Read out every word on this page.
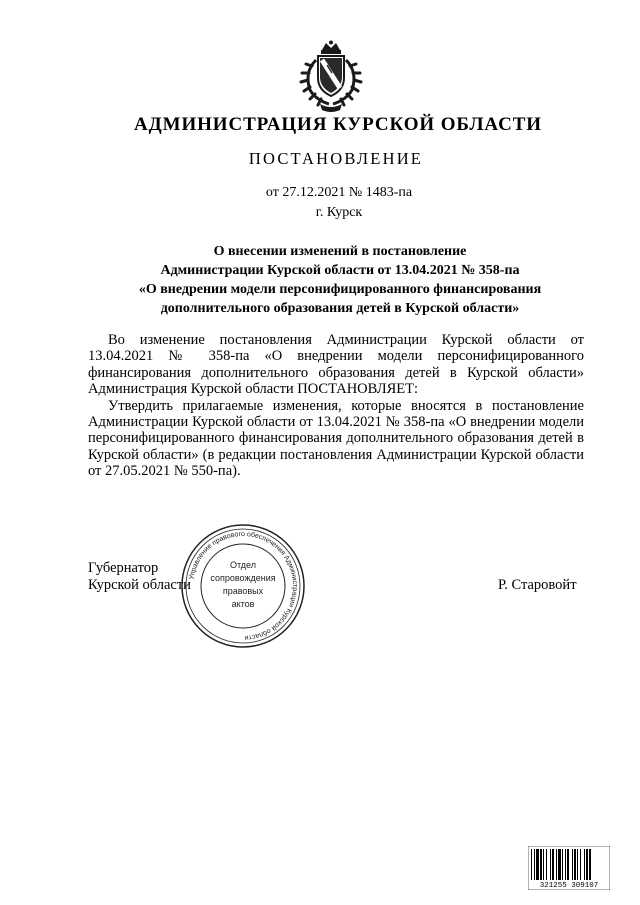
АДМИНИСТРАЦИЯ КУРСКОЙ ОБЛАСТИ
ПОСТАНОВЛЕНИЕ
от 27.12.2021 № 1483-па
г. Курск
О внесении изменений в постановление
Администрации Курской области от 13.04.2021 № 358-па
«О внедрении модели персонифицированного финансирования
дополнительного образования детей в Курской области»

Во изменение постановления Администрации Курской области от 13.04.2021 № 358-па «О внедрении модели персонифицированного финансирования дополнительного образования детей в Курской области» Администрация Курской области ПОСТАНОВЛЯЕТ:

Утвердить прилагаемые изменения, которые вносятся в постановление Администрации Курской области от 13.04.2021 № 358-па «О внедрении модели персонифицированного финансирования дополнительного образования детей в Курской области» (в редакции постановления Администрации Курской области от 27.05.2021 № 550-па).

Губернатор
Курской области	Р. Старовойт
Управление правового обеспечения Администрации Курской области
Отдел
сопровождения
правовых
актов
321255 309107
